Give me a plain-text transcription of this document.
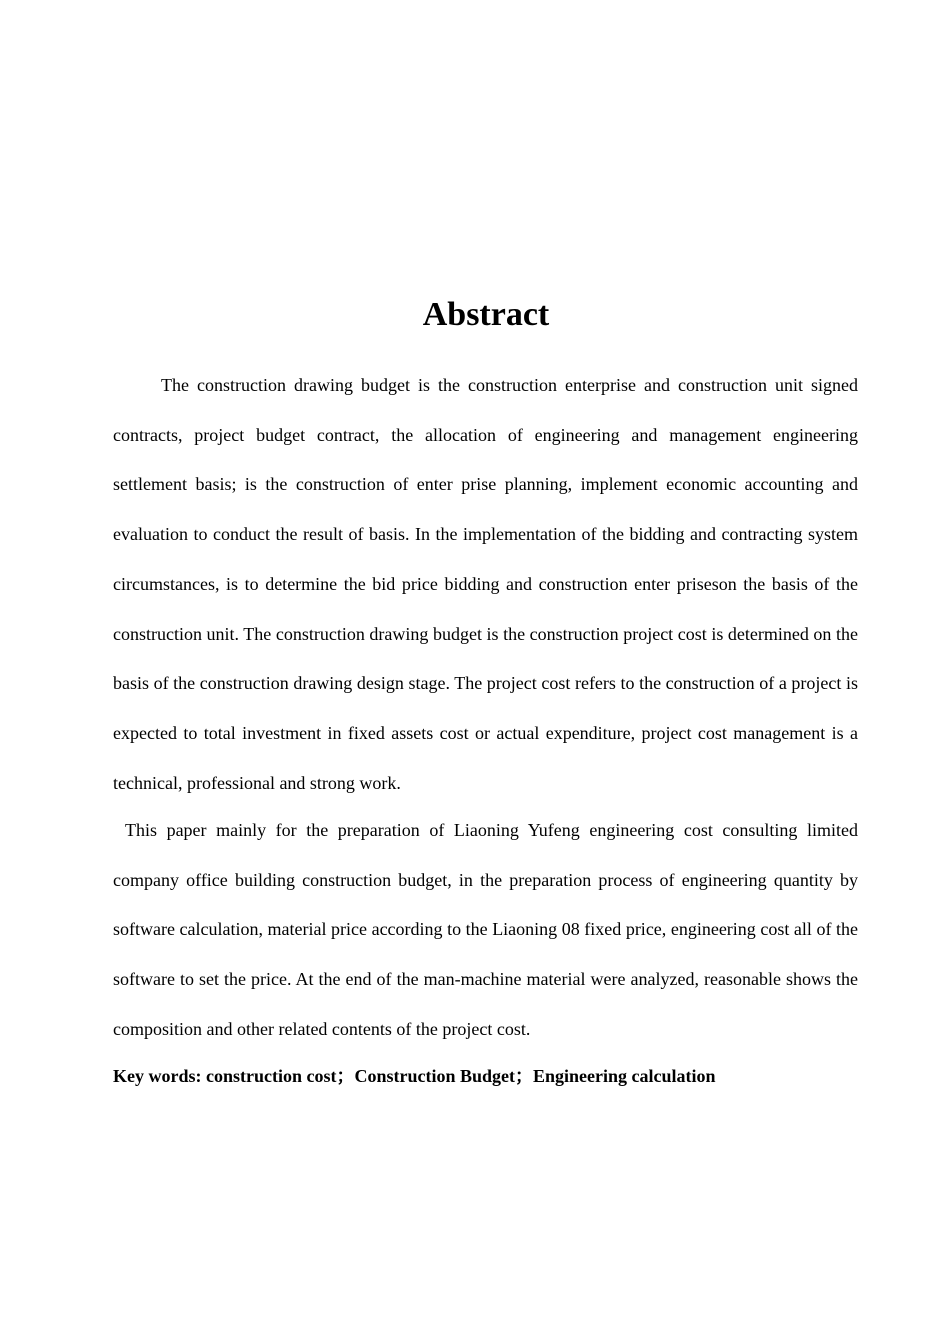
Abstract

The construction drawing budget is the construction enterprise and construction unit signed contracts, project budget contract, the allocation of engineering and management engineering settlement basis; is the construction of enter prise planning, implement economic accounting and evaluation to conduct the result of basis. In the implementation of the bidding and contracting system circumstances, is to determine the bid price bidding and construction enter priseson the basis of the construction unit. The construction drawing budget is the construction project cost is determined on the basis of the construction drawing design stage. The project cost refers to the construction of a project is expected to total investment in fixed assets cost or actual expenditure, project cost management is a technical, professional and strong work.

This paper mainly for the preparation of Liaoning Yufeng engineering cost consulting limited company office building construction budget, in the preparation process of engineering quantity by software calculation, material price according to the Liaoning 08 fixed price, engineering cost all of the software to set the price. At the end of the man-machine material were analyzed, reasonable shows the composition and other related contents of the project cost.

Key words: construction cost；Construction Budget；Engineering calculation
